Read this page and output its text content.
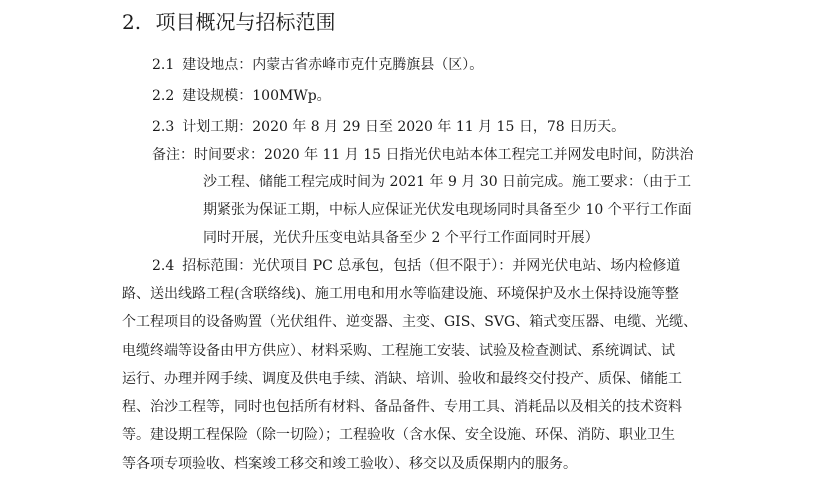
2. 项目概况与招标范围

2.1 建设地点：内蒙古省赤峰市克什克腾旗县（区）。

2.2 建设规模：100MWp。

2.3 计划工期：2020 年 8 月 29 日至 2020 年 11 月 15 日，78 日历天。

备注：时间要求：2020 年 11 月 15 日指光伏电站本体工程完工并网发电时间，防洪治

沙工程、储能工程完成时间为 2021 年 9 月 30 日前完成。施工要求：（由于工

期紧张为保证工期，中标人应保证光伏发电现场同时具备至少 10 个平行工作面

同时开展，光伏升压变电站具备至少 2 个平行工作面同时开展）

2.4 招标范围：光伏项目 PC 总承包，包括（但不限于）：并网光伏电站、场内检修道

路、送出线路工程(含联络线)、施工用电和用水等临建设施、环境保护及水土保持设施等整

个工程项目的设备购置（光伏组件、逆变器、主变、GIS、SVG、箱式变压器、电缆、光缆、

电缆终端等设备由甲方供应）、材料采购、工程施工安装、试验及检查测试、系统调试、试

运行、办理并网手续、调度及供电手续、消缺、培训、验收和最终交付投产、质保、储能工

程、治沙工程等，同时也包括所有材料、备品备件、专用工具、消耗品以及相关的技术资料

等。建设期工程保险（除一切险）；工程验收（含水保、安全设施、环保、消防、职业卫生

等各项专项验收、档案竣工移交和竣工验收）、移交以及质保期内的服务。
